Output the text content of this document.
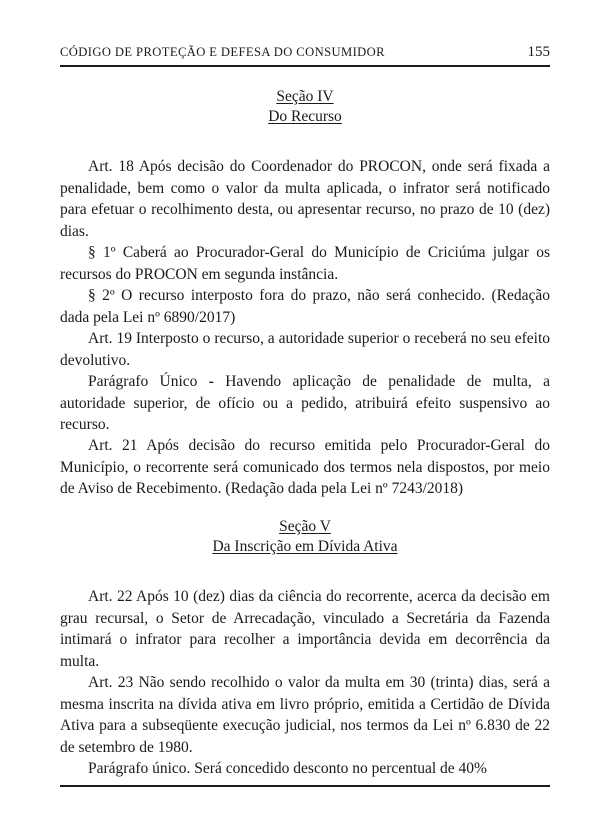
CÓDIGO DE PROTEÇÃO E DEFESA DO CONSUMIDOR	155
Seção IV
Do Recurso

Art. 18 Após decisão do Coordenador do PROCON, onde será fixada a penalidade, bem como o valor da multa aplicada, o infrator será notificado para efetuar o recolhimento desta, ou apresentar recurso, no prazo de 10 (dez) dias.

§ 1º Caberá ao Procurador-Geral do Município de Criciúma julgar os recursos do PROCON em segunda instância.

§ 2º O recurso interposto fora do prazo, não será conhecido. (Redação dada pela Lei nº 6890/2017)

Art. 19 Interposto o recurso, a autoridade superior o receberá no seu efeito devolutivo.

Parágrafo Único - Havendo aplicação de penalidade de multa, a autoridade superior, de ofício ou a pedido, atribuirá efeito suspensivo ao recurso.

Art. 21 Após decisão do recurso emitida pelo Procurador-Geral do Município, o recorrente será comunicado dos termos nela dispostos, por meio de Aviso de Recebimento. (Redação dada pela Lei nº 7243/2018)

Seção V
Da Inscrição em Dívida Ativa

Art. 22 Após 10 (dez) dias da ciência do recorrente, acerca da decisão em grau recursal, o Setor de Arrecadação, vinculado a Secretária da Fazenda intimará o infrator para recolher a importância devida em decorrência da multa.

Art. 23 Não sendo recolhido o valor da multa em 30 (trinta) dias, será a mesma inscrita na dívida ativa em livro próprio, emitida a Certidão de Dívida Ativa para a subseqüente execução judicial, nos termos da Lei nº 6.830 de 22 de setembro de 1980.

Parágrafo único. Será concedido desconto no percentual de 40%
